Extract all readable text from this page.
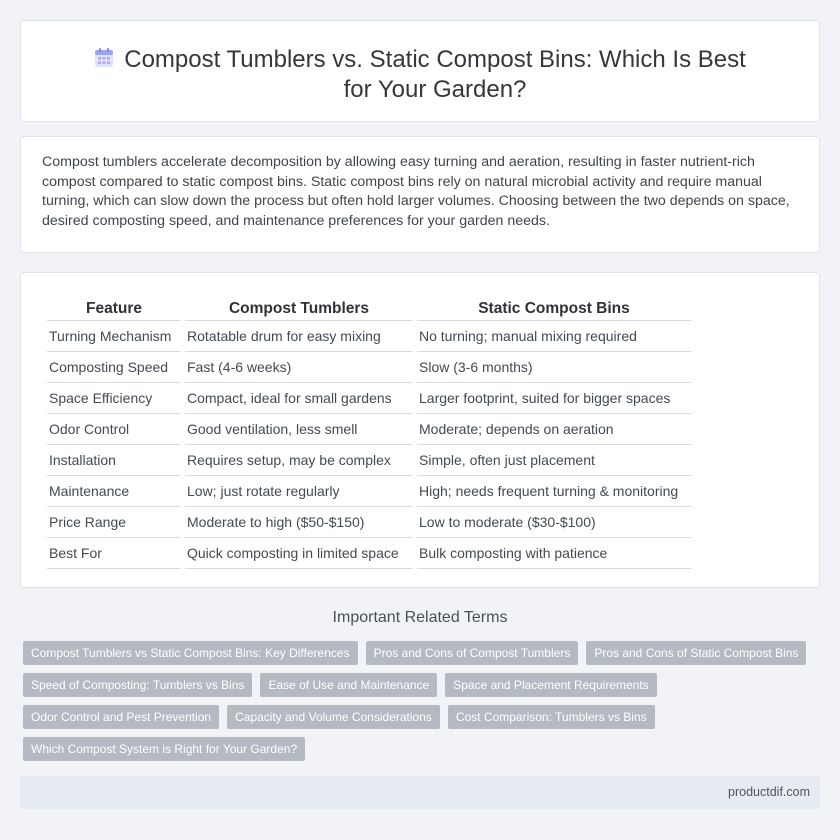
Compost Tumblers vs. Static Compost Bins: Which Is Best for Your Garden?

Compost tumblers accelerate decomposition by allowing easy turning and aeration, resulting in faster nutrient-rich compost compared to static compost bins. Static compost bins rely on natural microbial activity and require manual turning, which can slow down the process but often hold larger volumes. Choosing between the two depends on space, desired composting speed, and maintenance preferences for your garden needs.

Feature	Compost Tumblers	Static Compost Bins
Turning Mechanism	Rotatable drum for easy mixing	No turning; manual mixing required
Composting Speed	Fast (4-6 weeks)	Slow (3-6 months)
Space Efficiency	Compact, ideal for small gardens	Larger footprint, suited for bigger spaces
Odor Control	Good ventilation, less smell	Moderate; depends on aeration
Installation	Requires setup, may be complex	Simple, often just placement
Maintenance	Low; just rotate regularly	High; needs frequent turning & monitoring
Price Range	Moderate to high ($50-$150)	Low to moderate ($30-$100)
Best For	Quick composting in limited space	Bulk composting with patience
Important Related Terms
Compost Tumblers vs Static Compost Bins: Key Differences	Pros and Cons of Compost Tumblers	Pros and Cons of Static Compost Bins
Speed of Composting: Tumblers vs Bins	Ease of Use and Maintenance	Space and Placement Requirements
Odor Control and Pest Prevention	Capacity and Volume Considerations	Cost Comparison: Tumblers vs Bins
Which Compost System is Right for Your Garden?
productdif.com
